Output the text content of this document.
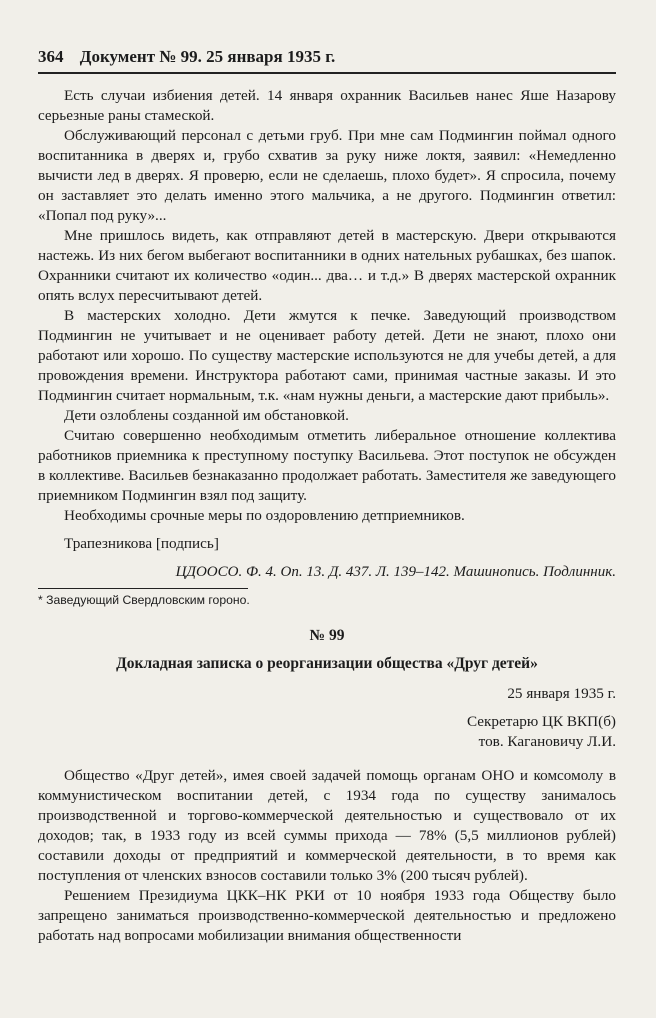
364 Документ № 99. 25 января 1935 г.

Есть случаи избиения детей. 14 января охранник Васильев нанес Яше Назарову серьезные раны стамеской.

Обслуживающий персонал с детьми груб. При мне сам Подмингин поймал одного воспитанника в дверях и, грубо схватив за руку ниже локтя, заявил: «Немедленно вычисти лед в дверях. Я проверю, если не сделаешь, плохо будет». Я спросила, почему он заставляет это делать именно этого мальчика, а не другого. Подмингин ответил: «Попал под руку»...

Мне пришлось видеть, как отправляют детей в мастерскую. Двери открываются настежь. Из них бегом выбегают воспитанники в одних нательных рубашках, без шапок. Охранники считают их количество «один... два… и т.д.» В дверях мастерской охранник опять вслух пересчитывают детей.

В мастерских холодно. Дети жмутся к печке. Заведующий производством Подмингин не учитывает и не оценивает работу детей. Дети не знают, плохо они работают или хорошо. По существу мастерские используются не для учебы детей, а для провождения времени. Инструктора работают сами, принимая частные заказы. И это Подмингин считает нормальным, т.к. «нам нужны деньги, а мастерские дают прибыль».

Дети озлоблены созданной им обстановкой.

Считаю совершенно необходимым отметить либеральное отношение коллектива работников приемника к преступному поступку Васильева. Этот поступок не обсужден в коллективе. Васильев безнаказанно продолжает работать. Заместителя же заведующего приемником Подмингин взял под защиту.

Необходимы срочные меры по оздоровлению детприемников.

Трапезникова [подпись]

ЦДООСО. Ф. 4. Оп. 13. Д. 437. Л. 139–142. Машинопись. Подлинник.

* Заведующий Свердловским гороно.

№ 99
Докладная записка о реорганизации общества «Друг детей»
25 января 1935 г.
Секретарю ЦК ВКП(б)
тов. Кагановичу Л.И.

Общество «Друг детей», имея своей задачей помощь органам ОНО и комсомолу в коммунистическом воспитании детей, с 1934 года по существу занималось производственной и торгово-коммерческой деятельностью и существовало от их доходов; так, в 1933 году из всей суммы прихода — 78% (5,5 миллионов рублей) составили доходы от предприятий и коммерческой деятельности, в то время как поступления от членских взносов составили только 3% (200 тысяч рублей).

Решением Президиума ЦКК–НК РКИ от 10 ноября 1933 года Обществу было запрещено заниматься производственно-коммерческой деятельностью и предложено работать над вопросами мобилизации внимания общественности
